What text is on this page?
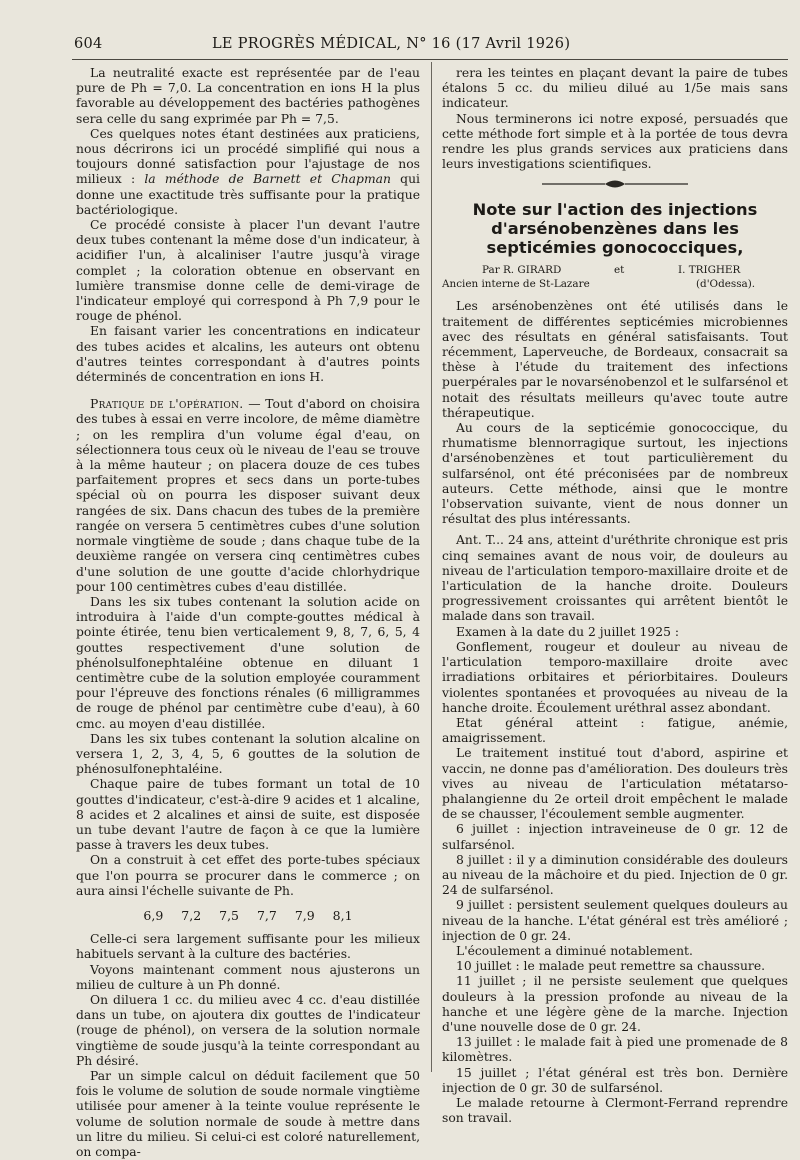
604	LE PROGRÈS MÉDICAL, N° 16 (17 Avril 1926)

La neutralité exacte est représentée par de l'eau pure de Ph = 7,0. La concentration en ions H la plus favorable au développement des bactéries pathogènes sera celle du sang exprimée par Ph = 7,5.

Ces quelques notes étant destinées aux praticiens, nous décrirons ici un procédé simplifié qui nous a toujours donné satisfaction pour l'ajustage de nos milieux : la méthode de Barnett et Chapman qui donne une exactitude très suffisante pour la pratique bactériologique.

Ce procédé consiste à placer l'un devant l'autre deux tubes contenant la même dose d'un indicateur, à acidifier l'un, à alcaliniser l'autre jusqu'à virage complet ; la coloration obtenue en observant en lumière transmise donne celle de demi-virage de l'indicateur employé qui correspond à Ph 7,9 pour le rouge de phénol.

En faisant varier les concentrations en indicateur des tubes acides et alcalins, les auteurs ont obtenu d'autres teintes correspondant à d'autres points déterminés de concentration en ions H.

Pratique de l'opération. — Tout d'abord on choisira des tubes à essai en verre incolore, de même diamètre ; on les remplira d'un volume égal d'eau, on sélectionnera tous ceux où le niveau de l'eau se trouve à la même hauteur ; on placera douze de ces tubes parfaitement propres et secs dans un porte-tubes spécial où on pourra les disposer suivant deux rangées de six. Dans chacun des tubes de la première rangée on versera 5 centimètres cubes d'une solution normale vingtième de soude ; dans chaque tube de la deuxième rangée on versera cinq centimètres cubes d'une solution de une goutte d'acide chlorhydrique pour 100 centimètres cubes d'eau distillée.

Dans les six tubes contenant la solution acide on introduira à l'aide d'un compte-gouttes médical à pointe étirée, tenu bien verticalement 9, 8, 7, 6, 5, 4 gouttes respectivement d'une solution de phénolsulfonephtaléine obtenue en diluant 1 centimètre cube de la solution employée couramment pour l'épreuve des fonctions rénales (6 milligrammes de rouge de phénol par centimètre cube d'eau), à 60 cmc. au moyen d'eau distillée.

Dans les six tubes contenant la solution alcaline on versera 1, 2, 3, 4, 5, 6 gouttes de la solution de phénosulfonephtaléine.

Chaque paire de tubes formant un total de 10 gouttes d'indicateur, c'est-à-dire 9 acides et 1 alcaline, 8 acides et 2 alcalines et ainsi de suite, est disposée un tube devant l'autre de façon à ce que la lumière passe à travers les deux tubes.

On a construit à cet effet des porte-tubes spéciaux que l'on pourra se procurer dans le commerce ; on aura ainsi l'échelle suivante de Ph.

6,9 7,2 7,5 7,7 7,9 8,1

Celle-ci sera largement suffisante pour les milieux habituels servant à la culture des bactéries.

Voyons maintenant comment nous ajusterons un milieu de culture à un Ph donné.

On diluera 1 cc. du milieu avec 4 cc. d'eau distillée dans un tube, on ajoutera dix gouttes de l'indicateur (rouge de phénol), on versera de la solution normale vingtième de soude jusqu'à la teinte correspondant au Ph désiré.

Par un simple calcul on déduit facilement que 50 fois le volume de solution de soude normale vingtième utilisée pour amener à la teinte voulue représente le volume de solution normale de soude à mettre dans un litre du milieu. Si celui-ci est coloré naturellement, on compa-

rera les teintes en plaçant devant la paire de tubes étalons 5 cc. du milieu dilué au 1/5e mais sans indicateur.

Nous terminerons ici notre exposé, persuadés que cette méthode fort simple et à la portée de tous devra rendre les plus grands services aux praticiens dans leurs investigations scientifiques.

Note sur l'action des injections d'arsénobenzènes dans les septicémies gonococciques,
Par R. GIRARD	et	I. TRIGHER
Ancien interne de St-Lazare	(d'Odessa).

Les arsénobenzènes ont été utilisés dans le traitement de différentes septicémies microbiennes avec des résultats en général satisfaisants. Tout récemment, Laperveuche, de Bordeaux, consacrait sa thèse à l'étude du traitement des infections puerpérales par le novarsénobenzol et le sulfarsénol et notait des résultats meilleurs qu'avec toute autre thérapeutique.

Au cours de la septicémie gonococcique, du rhumatisme blennorragique surtout, les injections d'arsénobenzènes et tout particulièrement du sulfarsénol, ont été préconisées par de nombreux auteurs. Cette méthode, ainsi que le montre l'observation suivante, vient de nous donner un résultat des plus intéressants.

Ant. T... 24 ans, atteint d'uréthrite chronique est pris cinq semaines avant de nous voir, de douleurs au niveau de l'articulation temporo-maxillaire droite et de l'articulation de la hanche droite. Douleurs progressivement croissantes qui arrêtent bientôt le malade dans son travail.

Examen à la date du 2 juillet 1925 :

Gonflement, rougeur et douleur au niveau de l'articulation temporo-maxillaire droite avec irradiations orbitaires et périorbitaires. Douleurs violentes spontanées et provoquées au niveau de la hanche droite. Écoulement uréthral assez abondant.

Etat général atteint : fatigue, anémie, amaigrissement.

Le traitement institué tout d'abord, aspirine et vaccin, ne donne pas d'amélioration. Des douleurs très vives au niveau de l'articulation métatarso-phalangienne du 2e orteil droit empêchent le malade de se chausser, l'écoulement semble augmenter.

6 juillet : injection intraveineuse de 0 gr. 12 de sulfarsénol.

8 juillet : il y a diminution considérable des douleurs au niveau de la mâchoire et du pied. Injection de 0 gr. 24 de sulfarsénol.

9 juillet : persistent seulement quelques douleurs au niveau de la hanche. L'état général est très amélioré ; injection de 0 gr. 24.

L'écoulement a diminué notablement.

10 juillet : le malade peut remettre sa chaussure.

11 juillet ; il ne persiste seulement que quelques douleurs à la pression profonde au niveau de la hanche et une légère gène de la marche. Injection d'une nouvelle dose de 0 gr. 24.

13 juillet : le malade fait à pied une promenade de 8 kilomètres.

15 juillet ; l'état général est très bon. Dernière injection de 0 gr. 30 de sulfarsénol.

Le malade retourne à Clermont-Ferrand reprendre son travail.
